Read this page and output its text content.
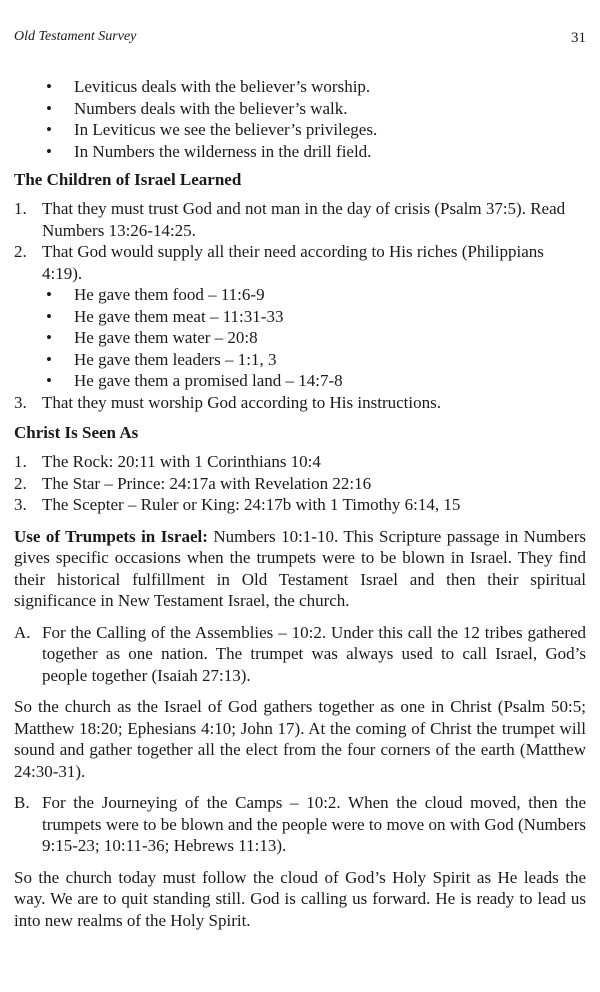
Old Testament Survey	31
• Leviticus deals with the believer’s worship.
• Numbers deals with the believer’s walk.
• In Leviticus we see the believer’s privileges.
• In Numbers the wilderness in the drill field.
The Children of Israel Learned
1. That they must trust God and not man in the day of crisis (Psalm 37:5). Read Numbers 13:26-14:25.
2. That God would supply all their need according to His riches (Philippians 4:19).
• He gave them food – 11:6-9
• He gave them meat – 11:31-33
• He gave them water – 20:8
• He gave them leaders – 1:1, 3
• He gave them a promised land – 14:7-8
3. That they must worship God according to His instructions.
Christ Is Seen As
1. The Rock: 20:11 with 1 Corinthians 10:4
2. The Star – Prince: 24:17a with Revelation 22:16
3. The Scepter – Ruler or King: 24:17b with 1 Timothy 6:14, 15

Use of Trumpets in Israel: Numbers 10:1-10. This Scripture passage in Numbers gives specific occasions when the trumpets were to be blown in Israel. They find their historical fulfillment in Old Testament Israel and then their spiritual significance in New Testament Israel, the church.

A. For the Calling of the Assemblies – 10:2. Under this call the 12 tribes gathered together as one nation. The trumpet was always used to call Israel, God’s people together (Isaiah 27:13).

So the church as the Israel of God gathers together as one in Christ (Psalm 50:5; Matthew 18:20; Ephesians 4:10; John 17). At the coming of Christ the trumpet will sound and gather together all the elect from the four corners of the earth (Matthew 24:30-31).

B. For the Journeying of the Camps – 10:2. When the cloud moved, then the trumpets were to be blown and the people were to move on with God (Numbers 9:15-23; 10:11-36; Hebrews 11:13).

So the church today must follow the cloud of God’s Holy Spirit as He leads the way. We are to quit standing still. God is calling us forward. He is ready to lead us into new realms of the Holy Spirit.
